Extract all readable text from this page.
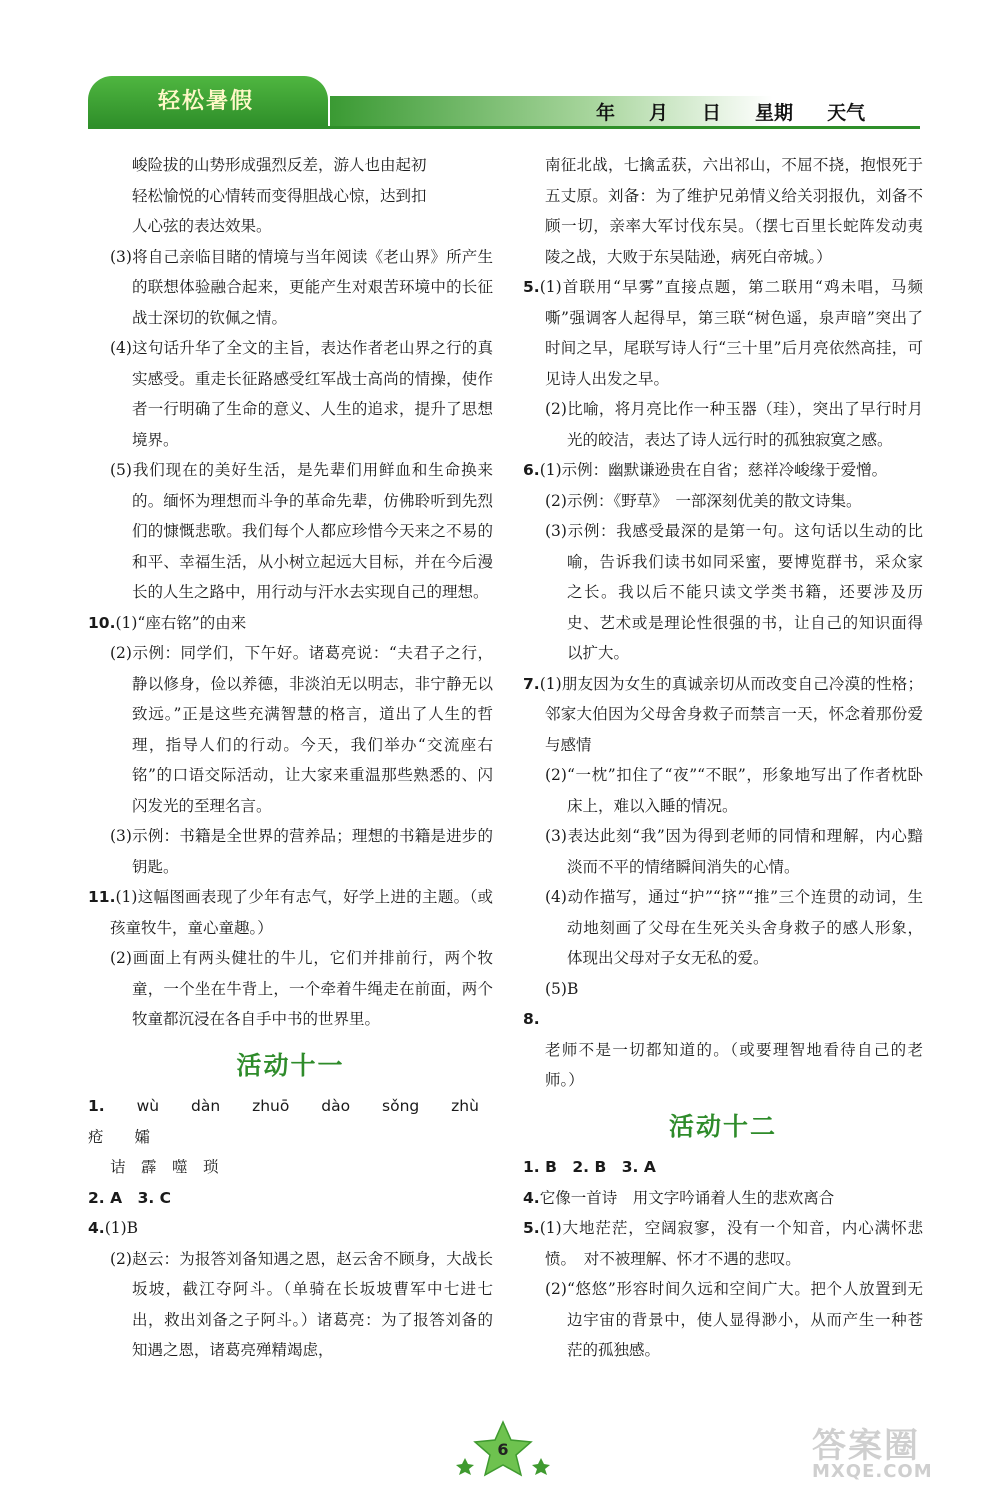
轻松暑假	年 月 日 星期 天气

峻险拔的山势形成强烈反差，游人也由起初

轻松愉悦的心情转而变得胆战心惊，达到扣

人心弦的表达效果。

(3)将自己亲临目睹的情境与当年阅读《老山界》所产生的联想体验融合起来，更能产生对艰苦环境中的长征战士深切的钦佩之情。

(4)这句话升华了全文的主旨，表达作者老山界之行的真实感受。重走长征路感受红军战士高尚的情操，使作者一行明确了生命的意义、人生的追求，提升了思想境界。

(5)我们现在的美好生活，是先辈们用鲜血和生命换来的。缅怀为理想而斗争的革命先辈，仿佛聆听到先烈们的慷慨悲歌。我们每个人都应珍惜今天来之不易的和平、幸福生活，从小树立起远大目标，并在今后漫长的人生之路中，用行动与汗水去实现自己的理想。

10.(1)“座右铭”的由来

(2)示例：同学们，下午好。诸葛亮说：“夫君子之行，静以修身，俭以养德，非淡泊无以明志，非宁静无以致远。”正是这些充满智慧的格言，道出了人生的哲理，指导人们的行动。今天，我们举办“交流座右铭”的口语交际活动，让大家来重温那些熟悉的、闪闪发光的至理名言。

(3)示例：书籍是全世界的营养品；理想的书籍是进步的钥匙。

11.(1)这幅图画表现了少年有志气，好学上进的主题。（或孩童牧牛，童心童趣。）

(2)画面上有两头健壮的牛儿，它们并排前行，两个牧童，一个坐在牛背上，一个牵着牛绳走在前面，两个牧童都沉浸在各自手中书的世界里。

活动十一

1. wù dàn zhuō dào sǒng zhù 疮 孀

诘　霹　噬　琐

2. A　3. C

4.(1)B

(2)赵云：为报答刘备知遇之恩，赵云舍不顾身，大战长坂坡，截江夺阿斗。（单骑在长坂坡曹军中七进七出，救出刘备之子阿斗。）诸葛亮：为了报答刘备的知遇之恩，诸葛亮殚精竭虑，

南征北战，七擒孟获，六出祁山，不屈不挠，抱恨死于五丈原。刘备：为了维护兄弟情义给关羽报仇，刘备不顾一切，亲率大军讨伐东吴。（摆七百里长蛇阵发动夷陵之战，大败于东吴陆逊，病死白帝城。）

5.(1)首联用“早雾”直接点题，第二联用“鸡未唱，马频嘶”强调客人起得早，第三联“树色遥，泉声暗”突出了时间之早，尾联写诗人行“三十里”后月亮依然高挂，可见诗人出发之早。

(2)比喻，将月亮比作一种玉器（珪），突出了早行时月光的皎洁，表达了诗人远行时的孤独寂寞之感。

6.(1)示例：幽默谦逊贵在自省；慈祥冷峻缘于爱憎。

(2)示例：《野草》　一部深刻优美的散文诗集。

(3)示例：我感受最深的是第一句。这句话以生动的比喻，告诉我们读书如同采蜜，要博览群书，采众家之长。我以后不能只读文学类书籍，还要涉及历史、艺术或是理论性很强的书，让自己的知识面得以扩大。

7.(1)朋友因为女生的真诚亲切从而改变自己冷漠的性格；邻家大伯因为父母舍身救子而禁言一天，怀念着那份爱与感情

(2)“一枕”扣住了“夜”“不眠”，形象地写出了作者枕卧床上，难以入睡的情况。

(3)表达此刻“我”因为得到老师的同情和理解，内心黯淡而不平的情绪瞬间消失的心情。

(4)动作描写，通过“护”“挤”“推”三个连贯的动词，生动地刻画了父母在生死关头舍身救子的感人形象，体现出父母对子女无私的爱。

(5)B

8.老师不是一切都知道的。（或要理智地看待自己的老师。）

活动十二

1. B　2. B　3. A

4.它像一首诗　用文字吟诵着人生的悲欢离合

5.(1)大地茫茫，空阔寂寥，没有一个知音，内心满怀悲愤。　对不被理解、怀才不遇的悲叹。

(2)“悠悠”形容时间久远和空间广大。把个人放置到无边宇宙的背景中，使人显得渺小，从而产生一种苍茫的孤独感。

6	答案圈
MXQE.COM
